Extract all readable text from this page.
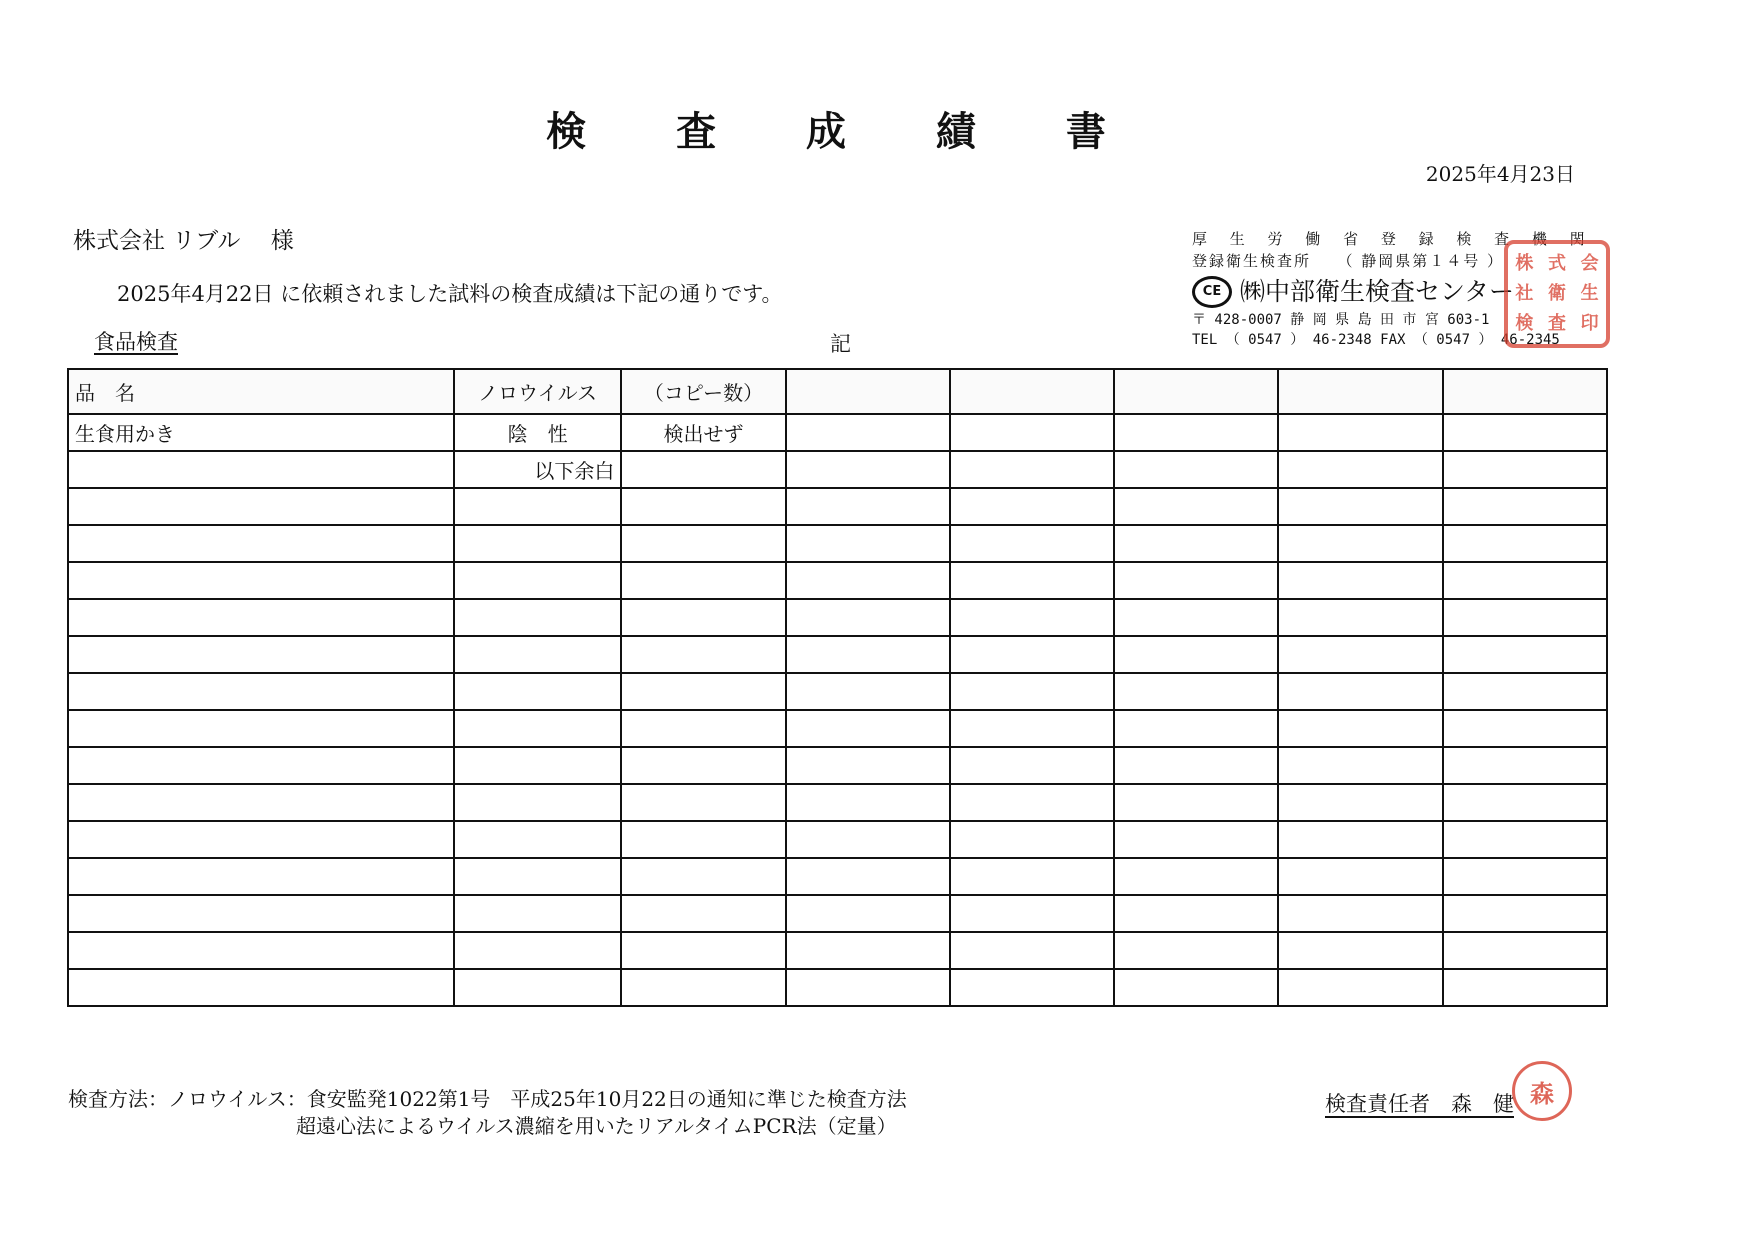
検 査 成 績 書
2025年4月23日
株式会社 リブル　 様
2025年4月22日 に依頼されました試料の検査成績は下記の通りです。
食品検査	記
厚 生 労 働 省 登 録 検 査 機 関
登録衛生検査所　　（ 静岡県第１４号 ）
CE ㈱中部衛生検査センター
〒 428-0007 静 岡 県 島 田 市 宮 603-1
TEL （ 0547 ） 46-2348 FAX （ 0547 ） 46-2345
株 式 会
社 衛 生
検 査 印
品　名	ノロウイルス	（コピー数）					
生食用かき	陰　性	検出せず					
	以下余白						

検査方法：ノロウイルス：食安監発1022第1号　平成25年10月22日の通知に準じた検査方法
超遠心法によるウイルス濃縮を用いたリアルタイムPCR法（定量）
検査責任者　森　健 森
